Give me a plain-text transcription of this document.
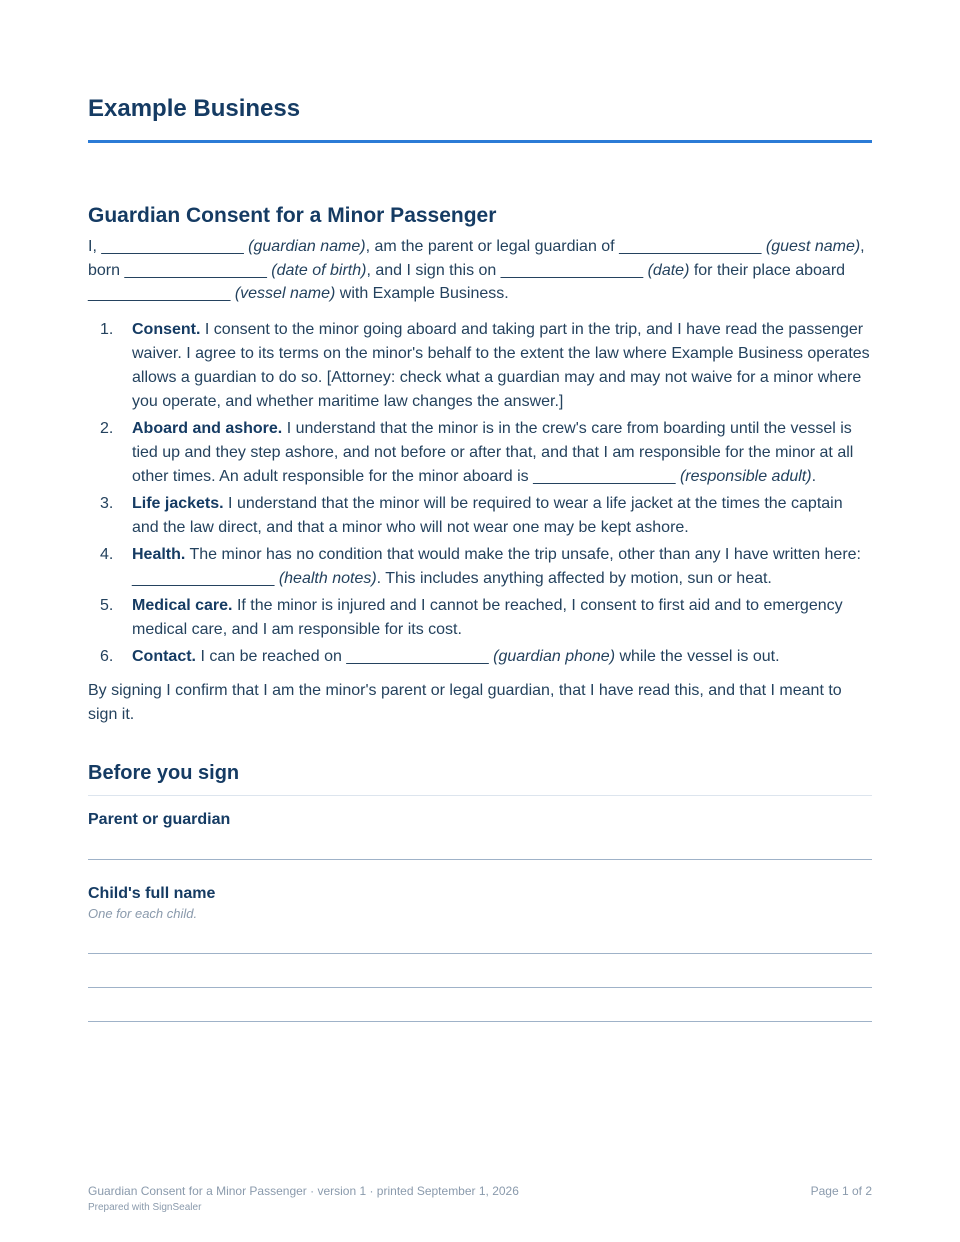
Example Business
Guardian Consent for a Minor Passenger
I, ________________ (guardian name), am the parent or legal guardian of ________________ (guest name), born ________________ (date of birth), and I sign this on ________________ (date) for their place aboard ________________ (vessel name) with Example Business.
1. Consent. I consent to the minor going aboard and taking part in the trip, and I have read the passenger waiver. I agree to its terms on the minor's behalf to the extent the law where Example Business operates allows a guardian to do so. [Attorney: check what a guardian may and may not waive for a minor where you operate, and whether maritime law changes the answer.]
2. Aboard and ashore. I understand that the minor is in the crew's care from boarding until the vessel is tied up and they step ashore, and not before or after that, and that I am responsible for the minor at all other times. An adult responsible for the minor aboard is ________________ (responsible adult).
3. Life jackets. I understand that the minor will be required to wear a life jacket at the times the captain and the law direct, and that a minor who will not wear one may be kept ashore.
4. Health. The minor has no condition that would make the trip unsafe, other than any I have written here: ________________ (health notes). This includes anything affected by motion, sun or heat.
5. Medical care. If the minor is injured and I cannot be reached, I consent to first aid and to emergency medical care, and I am responsible for its cost.
6. Contact. I can be reached on ________________ (guardian phone) while the vessel is out.
By signing I confirm that I am the minor's parent or legal guardian, that I have read this, and that I meant to sign it.
Before you sign
Parent or guardian
Child's full name
One for each child.
Guardian Consent for a Minor Passenger · version 1 · printed September 1, 2026
Prepared with SignSealer
Page 1 of 2
